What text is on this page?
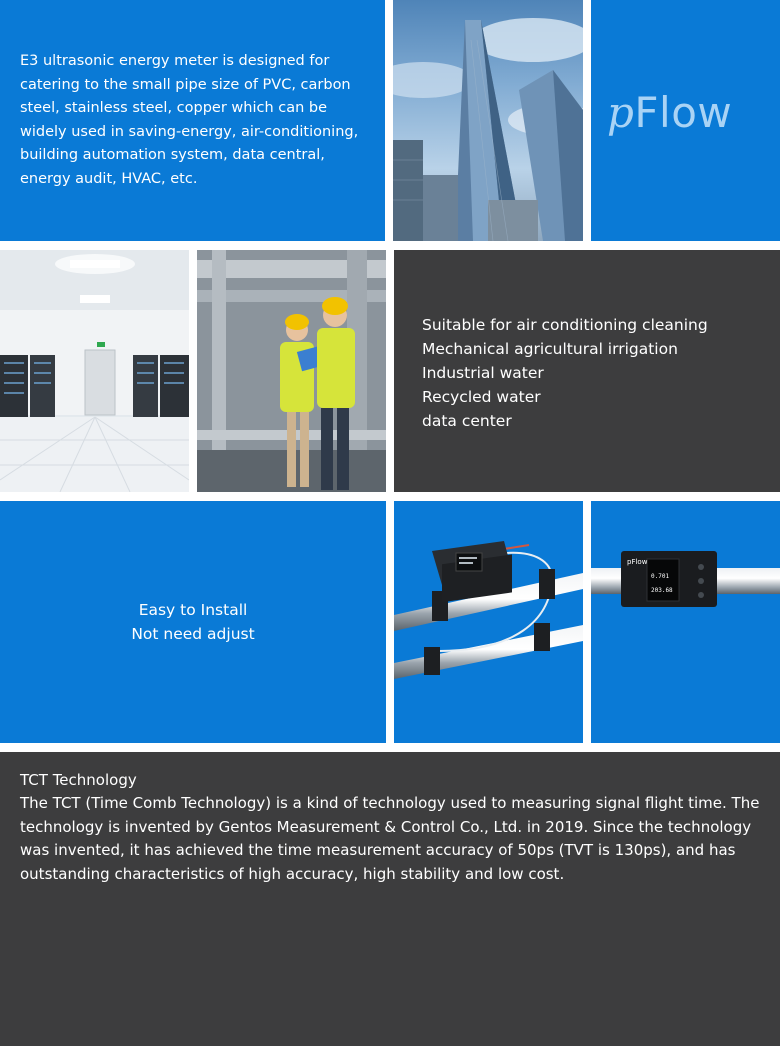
E3 ultrasonic energy meter is designed for catering to the small pipe size of PVC, carbon steel, stainless steel, copper which can be widely used in saving-energy, air-conditioning, building automation system, data central, energy audit, HVAC, etc.

pFlow
Suitable for air conditioning cleaning
Mechanical agricultural irrigation
Industrial water
Recycled water
data center
Easy to Install
Not need adjust
pFlow
0.701
203.68
TCT Technology

The TCT (Time Comb Technology) is a kind of technology used to measuring signal flight time. The technology is invented by Gentos Measurement & Control Co., Ltd. in 2019. Since the technology was invented, it has achieved the time measurement accuracy of 50ps (TVT is 130ps), and has outstanding characteristics of high accuracy, high stability and low cost.
